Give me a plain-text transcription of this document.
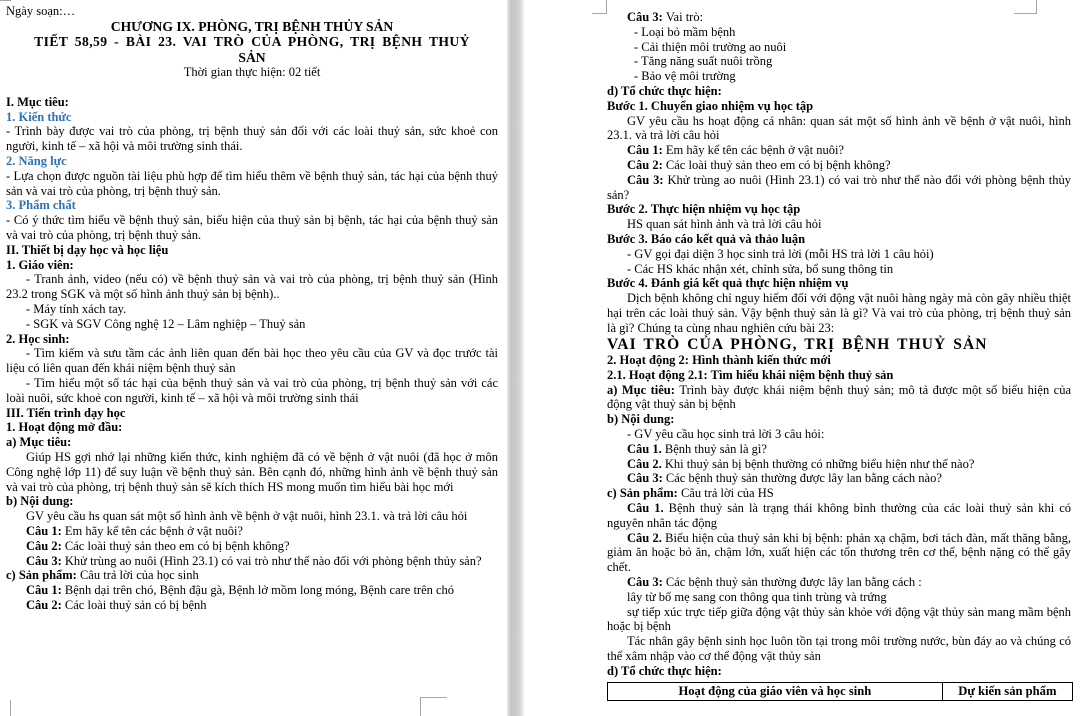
Ngày soạn:…
CHƯƠNG IX. PHÒNG, TRỊ BỆNH THỦY SẢN
TIẾT 58,59 - BÀI 23. VAI TRÒ CỦA PHÒNG, TRỊ BỆNH THUỶ
SẢN
Thời gian thực hiện: 02 tiết
I. Mục tiêu:
1. Kiến thức
- Trình bày được vai trò của phòng, trị bệnh thuỷ sản đối với các loài thuỷ sản, sức khoẻ con người, kinh tế – xã hội và môi trường sinh thái.
2. Năng lực
- Lựa chọn được nguồn tài liệu phù hợp để tìm hiểu thêm về bệnh thuỷ sản, tác hại của bệnh thuỷ sản và vai trò của phòng, trị bệnh thuỷ sản.
3. Phẩm chất
- Có ý thức tìm hiểu về bệnh thuỷ sản, biểu hiện của thuỷ sản bị bệnh, tác hại của bệnh thuỷ sản và vai trò của phòng, trị bệnh thuỷ sản.
II. Thiết bị dạy học và học liệu
1. Giáo viên:
- Tranh ảnh, video (nếu có) về bệnh thuỷ sản và vai trò của phòng, trị bệnh thuỷ sản (Hình 23.2 trong SGK và một số hình ảnh thuỷ sản bị bệnh)..
- Máy tính xách tay.
- SGK và SGV Công nghệ 12 – Lâm nghiệp – Thuỷ sản
2. Học sinh:
- Tìm kiếm và sưu tầm các ảnh liên quan đến bài học theo yêu cầu của GV và đọc trước tài liệu có liên quan đến khái niệm bệnh thuỷ sản
- Tìm hiểu một số tác hại của bệnh thuỷ sản và vai trò của phòng, trị bệnh thuỷ sản với các loài nuôi, sức khoẻ con người, kinh tế – xã hội và môi trường sinh thái
III. Tiến trình dạy học
1. Hoạt động mở đầu:
a) Mục tiêu:
Giúp HS gợi nhớ lại những kiến thức, kinh nghiệm đã có về bệnh ở vật nuôi (đã học ở môn Công nghệ lớp 11) để suy luận về bệnh thuỷ sản. Bên cạnh đó, những hình ảnh về bệnh thuỷ sản và vai trò của phòng, trị bệnh thuỷ sản sẽ kích thích HS mong muốn tìm hiểu bài học mới
b) Nội dung:
GV yêu cầu hs quan sát một số hình ảnh về bệnh ở vật nuôi, hình 23.1. và trả lời câu hỏi
Câu 1: Em hãy kể tên các bệnh ở vật nuôi?
Câu 2: Các loài thuỷ sản theo em có bị bệnh không?
Câu 3: Khử trùng ao nuôi (Hình 23.1) có vai trò như thế nào đối với phòng bệnh thủy sản?
c) Sản phẩm: Câu trả lời của học sinh
Câu 1: Bệnh dại trên chó, Bệnh đậu gà, Bệnh lở mồm long móng, Bệnh care trên chó
Câu 2: Các loài thuỷ sản có bị bệnh
Câu 3: Vai trò:
- Loại bỏ mầm bệnh
- Cải thiện môi trường ao nuôi
- Tăng năng suất nuôi trồng
- Bảo vệ môi trường
d) Tổ chức thực hiện:
Bước 1. Chuyển giao nhiệm vụ học tập
GV yêu cầu hs hoạt động cá nhân: quan sát một số hình ảnh về bệnh ở vật nuôi, hình 23.1. và trả lời câu hỏi
Câu 1: Em hãy kể tên các bệnh ở vật nuôi?
Câu 2: Các loài thuỷ sản theo em có bị bệnh không?
Câu 3: Khử trùng ao nuôi (Hình 23.1) có vai trò như thế nào đối với phòng bệnh thủy sản?
Bước 2. Thực hiện nhiệm vụ học tập
HS quan sát hình ảnh và trả lời câu hỏi
Bước 3. Báo cáo kết quả và thảo luận
- GV gọi đại diện 3 học sinh trả lời (mỗi HS trả lời 1 câu hỏi)
- Các HS khác nhận xét, chỉnh sửa, bổ sung thông tin
Bước 4. Đánh giá kết quả thực hiện nhiệm vụ
Dịch bệnh không chỉ nguy hiểm đối với động vật nuôi hàng ngày mà còn gây nhiều thiệt hại trên các loài thuỷ sản. Vậy bệnh thuỷ sản là gì? Và vai trò của phòng, trị bệnh thuỷ sản là gì? Chúng ta cùng nhau nghiên cứu bài 23:
VAI TRÒ CỦA PHÒNG, TRỊ BỆNH THUỶ SẢN
2. Hoạt động 2: Hình thành kiến thức mới
2.1. Hoạt động 2.1: Tìm hiểu khái niệm bệnh thuỷ sản
a) Mục tiêu: Trình bày được khái niệm bệnh thuỷ sản; mô tả được một số biểu hiện của động vật thuỷ sản bị bệnh
b) Nội dung:
- GV yêu cầu học sinh trả lời 3 câu hỏi:
Câu 1. Bệnh thuỷ sản là gì?
Câu 2. Khi thuỷ sản bị bệnh thường có những biểu hiện như thế nào?
Câu 3: Các bệnh thuỷ sản thường được lây lan bằng cách nào?
c) Sản phẩm: Câu trả lời của HS
Câu 1. Bệnh thuỷ sản là trạng thái không bình thường của các loài thuỷ sản khi có nguyên nhân tác động
Câu 2. Biểu hiện của thuỷ sản khi bị bệnh: phản xạ chậm, bơi tách đàn, mất thăng bằng, giảm ăn hoặc bỏ ăn, chậm lớn, xuất hiện các tổn thương trên cơ thể, bệnh nặng có thể gây chết.
Câu 3: Các bệnh thuỷ sản thường được lây lan bằng cách :
lây từ bố mẹ sang con thông qua tinh trùng và trứng
sự tiếp xúc trực tiếp giữa động vật thủy sản khỏe với động vật thủy sản mang mầm bệnh hoặc bị bệnh
Tác nhân gây bệnh sinh học luôn tồn tại trong môi trường nước, bùn đáy ao và chúng có thể xâm nhập vào cơ thể động vật thủy sản
d) Tổ chức thực hiện:
Hoạt động của giáo viên và học sinh	Dự kiến sản phẩm
